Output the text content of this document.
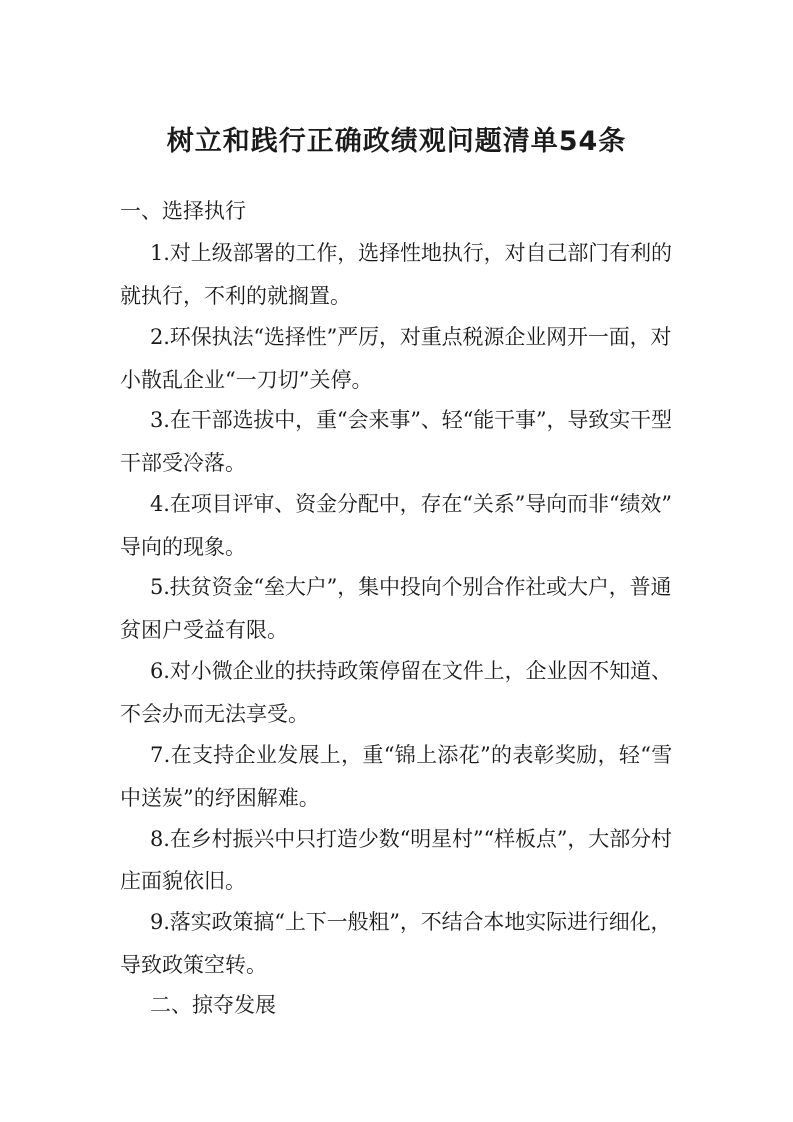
树立和践行正确政绩观问题清单54条
一、选择执行
1.对上级部署的工作，选择性地执行，对自己部门有利的
就执行，不利的就搁置。
2.环保执法“选择性”严厉，对重点税源企业网开一面，对
小散乱企业“一刀切”关停。
3.在干部选拔中，重“会来事”、轻“能干事”，导致实干型
干部受冷落。
4.在项目评审、资金分配中，存在“关系”导向而非“绩效”
导向的现象。
5.扶贫资金“垒大户”，集中投向个别合作社或大户，普通
贫困户受益有限。
6.对小微企业的扶持政策停留在文件上，企业因不知道、
不会办而无法享受。
7.在支持企业发展上，重“锦上添花”的表彰奖励，轻“雪
中送炭”的纾困解难。
8.在乡村振兴中只打造少数“明星村”“样板点”，大部分村
庄面貌依旧。
9.落实政策搞“上下一般粗”，不结合本地实际进行细化，
导致政策空转。
二、掠夺发展
